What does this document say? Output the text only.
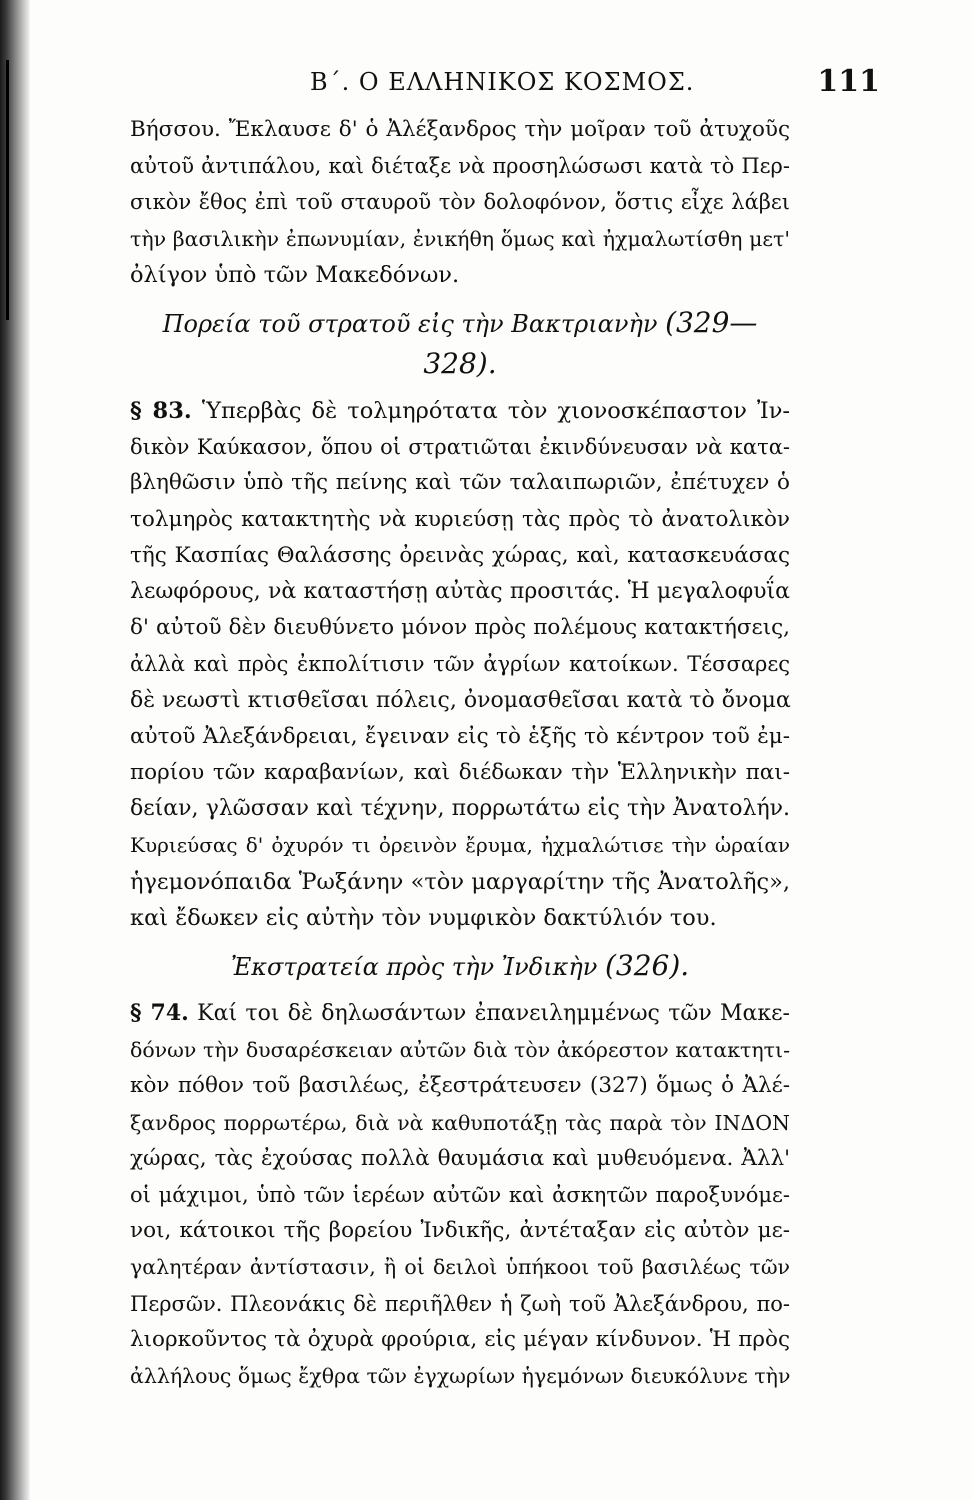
Β΄. Ο ΕΛΛΗΝΙΚΟΣ ΚΟΣΜΟΣ.	111
Βήσσου. Ἔκλαυσε δ' ὁ Ἀλέξανδρος τὴν μοῖραν τοῦ ἀτυχοῦς
αὐτοῦ ἀντιπάλου, καὶ διέταξε νὰ προσηλώσωσι κατὰ τὸ Περ-
σικὸν ἔθος ἐπὶ τοῦ σταυροῦ τὸν δολοφόνον, ὅστις εἶχε λάβει
τὴν βασιλικὴν ἐπωνυμίαν, ἐνικήθη ὅμως καὶ ἠχμαλωτίσθη μετ'
ὀλίγον ὑπὸ τῶν Μακεδόνων.
Πορεία τοῦ στρατοῦ εἰς τὴν Βακτριανὴν (329—328).
§ 83. Ὑπερβὰς δὲ τολμηρότατα τὸν χιονοσκέπαστον Ἰν-
δικὸν Καύκασον, ὅπου οἱ στρατιῶται ἐκινδύνευσαν νὰ κατα-
βληθῶσιν ὑπὸ τῆς πείνης καὶ τῶν ταλαιπωριῶν, ἐπέτυχεν ὁ
τολμηρὸς κατακτητὴς νὰ κυριεύσῃ τὰς πρὸς τὸ ἀνατολικὸν
τῆς Κασπίας Θαλάσσης ὀρεινὰς χώρας, καὶ, κατασκευάσας
λεωφόρους, νὰ καταστήσῃ αὐτὰς προσιτάς. Ἡ μεγαλοφυΐα
δ' αὐτοῦ δὲν διευθύνετο μόνον πρὸς πολέμους κατακτήσεις,
ἀλλὰ καὶ πρὸς ἐκπολίτισιν τῶν ἀγρίων κατοίκων. Τέσσαρες
δὲ νεωστὶ κτισθεῖσαι πόλεις, ὀνομασθεῖσαι κατὰ τὸ ὄνομα
αὐτοῦ Ἀλεξάνδρειαι, ἔγειναν εἰς τὸ ἑξῆς τὸ κέντρον τοῦ ἐμ-
πορίου τῶν καραβανίων, καὶ διέδωκαν τὴν Ἑλληνικὴν παι-
δείαν, γλῶσσαν καὶ τέχνην, πορρωτάτω εἰς τὴν Ἀνατολήν.
Κυριεύσας δ' ὀχυρόν τι ὀρεινὸν ἔρυμα, ἠχμαλώτισε τὴν ὡραίαν
ἡγεμονόπαιδα Ῥωξάνην «τὸν μαργαρίτην τῆς Ἀνατολῆς»,
καὶ ἔδωκεν εἰς αὐτὴν τὸν νυμφικὸν δακτύλιόν του.
Ἐκστρατεία πρὸς τὴν Ἰνδικὴν (326).
§ 74. Καί τοι δὲ δηλωσάντων ἐπανειλημμένως τῶν Μακε-
δόνων τὴν δυσαρέσκειαν αὐτῶν διὰ τὸν ἀκόρεστον κατακτητι-
κὸν πόθον τοῦ βασιλέως, ἐξεστράτευσεν (327) ὅμως ὁ Ἀλέ-
ξανδρος πορρωτέρω, διὰ νὰ καθυποτάξῃ τὰς παρὰ τὸν ΙΝΔΟΝ
χώρας, τὰς ἐχούσας πολλὰ θαυμάσια καὶ μυθευόμενα. Ἀλλ'
οἱ μάχιμοι, ὑπὸ τῶν ἱερέων αὐτῶν καὶ ἀσκητῶν παροξυνόμε-
νοι, κάτοικοι τῆς βορείου Ἰνδικῆς, ἀντέταξαν εἰς αὐτὸν με-
γαλητέραν ἀντίστασιν, ἢ οἱ δειλοὶ ὑπήκοοι τοῦ βασιλέως τῶν
Περσῶν. Πλεονάκις δὲ περιῆλθεν ἡ ζωὴ τοῦ Ἀλεξάνδρου, πο-
λιορκοῦντος τὰ ὀχυρὰ φρούρια, εἰς μέγαν κίνδυνον. Ἡ πρὸς
ἀλλήλους ὅμως ἔχθρα τῶν ἐγχωρίων ἡγεμόνων διευκόλυνε τὴν
